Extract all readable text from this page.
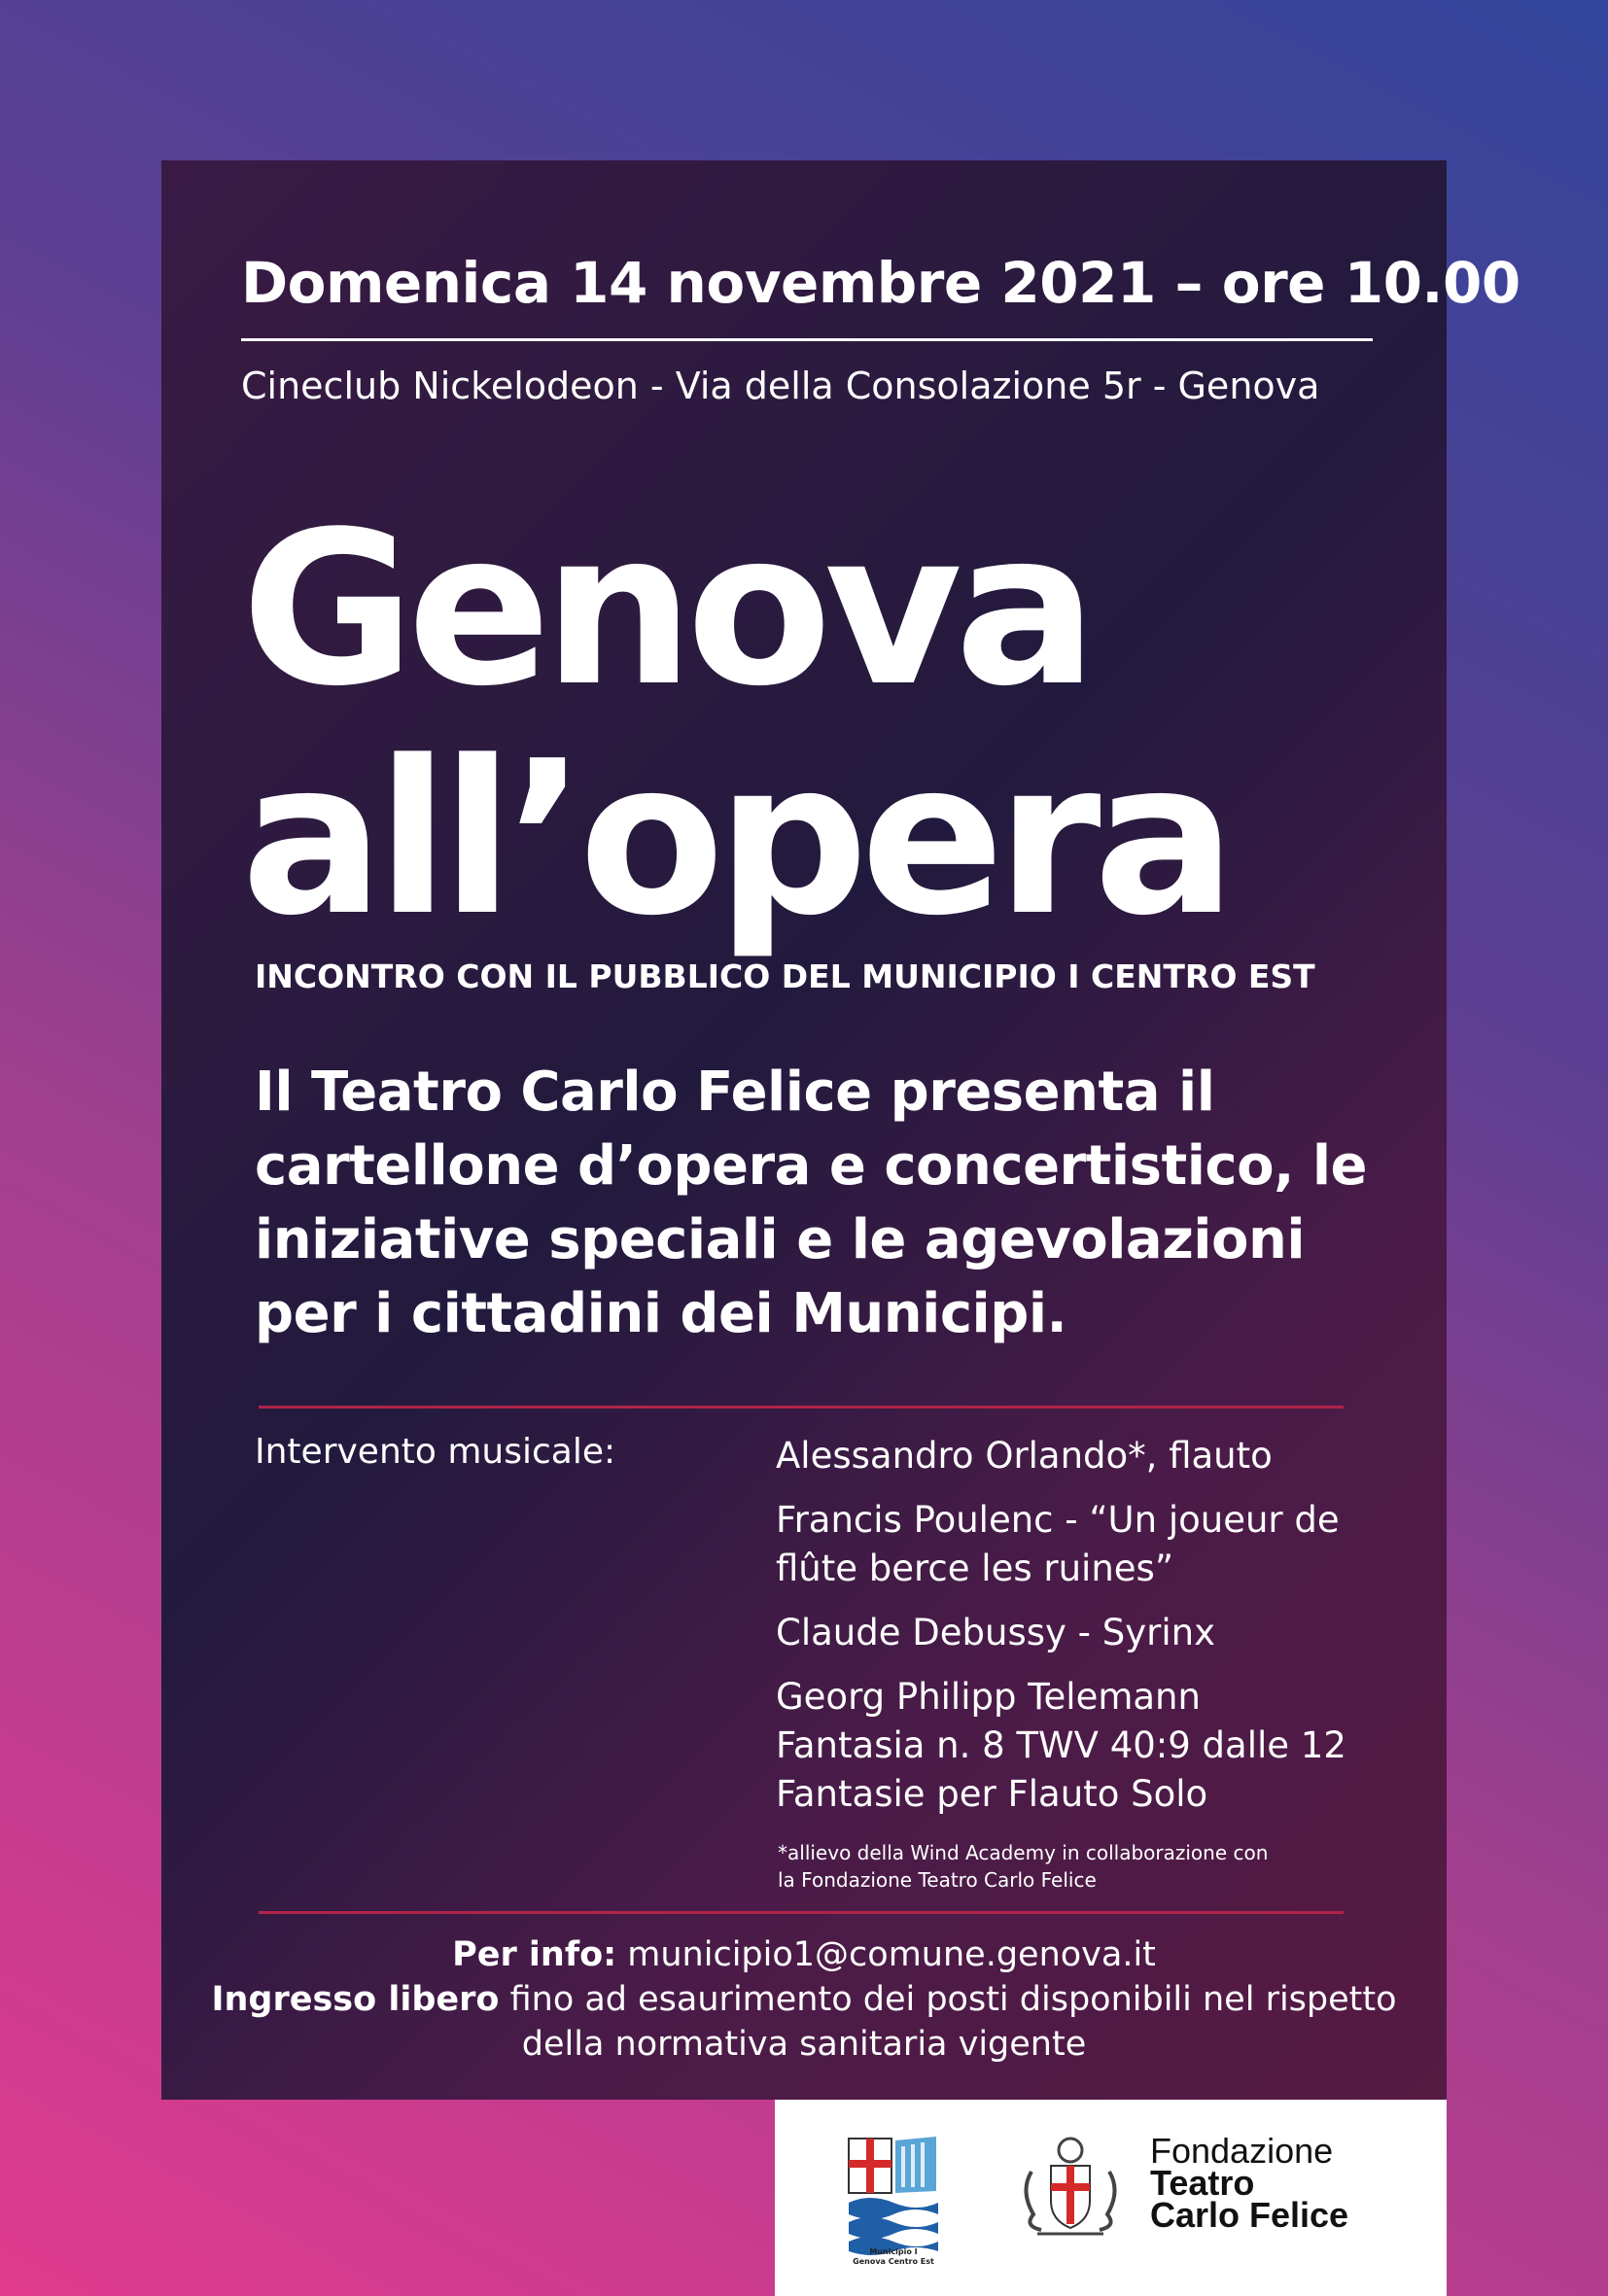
Domenica 14 novembre 2021 – ore 10.00

Cineclub Nickelodeon - Via della Consolazione 5r - Genova

Genova
all’opera

INCONTRO CON IL PUBBLICO DEL MUNICIPIO I CENTRO EST

Il Teatro Carlo Felice presenta il cartellone d’opera e concertistico, le iniziative speciali e le agevolazioni per i cittadini dei Municipi.

Intervento musicale:	Alessandro Orlando*, flauto
Francis Poulenc - “Un joueur de
flûte berce les ruines”
Claude Debussy - Syrinx
Georg Philipp Telemann
Fantasia n. 8 TWV 40:9 dalle 12
Fantasie per Flauto Solo

*allievo della Wind Academy in collaborazione con
la Fondazione Teatro Carlo Felice

Per info: municipio1@comune.genova.it

Ingresso libero fino ad esaurimento dei posti disponibili nel rispetto

della normativa sanitaria vigente

Municipio I
Genova Centro Est
Fondazione
Teatro
Carlo Felice
